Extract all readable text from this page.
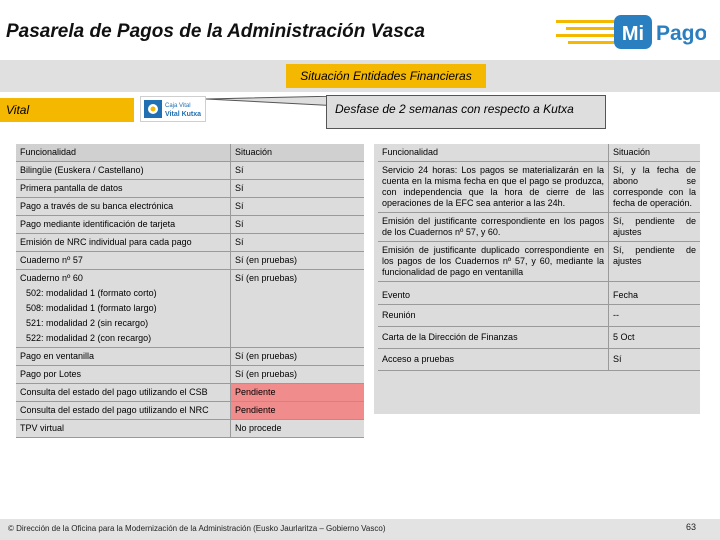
Pasarela de Pagos de la Administración Vasca	Mi Pago
Situación Entidades Financieras
Vital	Caja Vital
Vital Kutxa	Desfase de 2 semanas con respecto a Kutxa
Funcionalidad	Situación

Bilingüe (Euskera / Castellano)	Sí

Primera pantalla de datos	Sí

Pago a través de su banca electrónica	Sí

Pago mediante identificación de tarjeta	Sí

Emisión de NRC individual para cada pago	Sí

Cuaderno nº 57	Sí (en pruebas)

Cuaderno nº 60
502: modalidad 1 (formato corto)
508: modalidad 1 (formato largo)
521: modalidad 2 (sin recargo)
522: modalidad 2 (con recargo)	Sí (en pruebas)

Pago en ventanilla	Sí (en pruebas)

Pago por Lotes	Sí (en pruebas)

Consulta del estado del pago utilizando el CSB	Pendiente

Consulta del estado del pago utilizando el NRC	Pendiente

TPV virtual	No procede
Funcionalidad	Situación
Servicio 24 horas: Los pagos se materializarán en la cuenta en la misma fecha en que el pago se produzca, con independencia que la hora de cierre de las operaciones de la EFC sea anterior a las 24h.	Sí, y la fecha de abono se corresponde con la fecha de operación.
Emisión del justificante correspondiente en los pagos de los Cuadernos nº 57, y 60.	Sí, pendiente de ajustes
Emisión de justificante duplicado correspondiente en los pagos de los Cuadernos nº 57, y 60, mediante la funcionalidad de pago en ventanilla	Sí, pendiente de ajustes
Evento	Fecha
Reunión	--
Carta de la Dirección de Finanzas	5 Oct
Acceso a pruebas	Sí
© Dirección de la Oficina para la Modernización de la Administración (Eusko Jaurlaritza – Gobierno Vasco)	63
